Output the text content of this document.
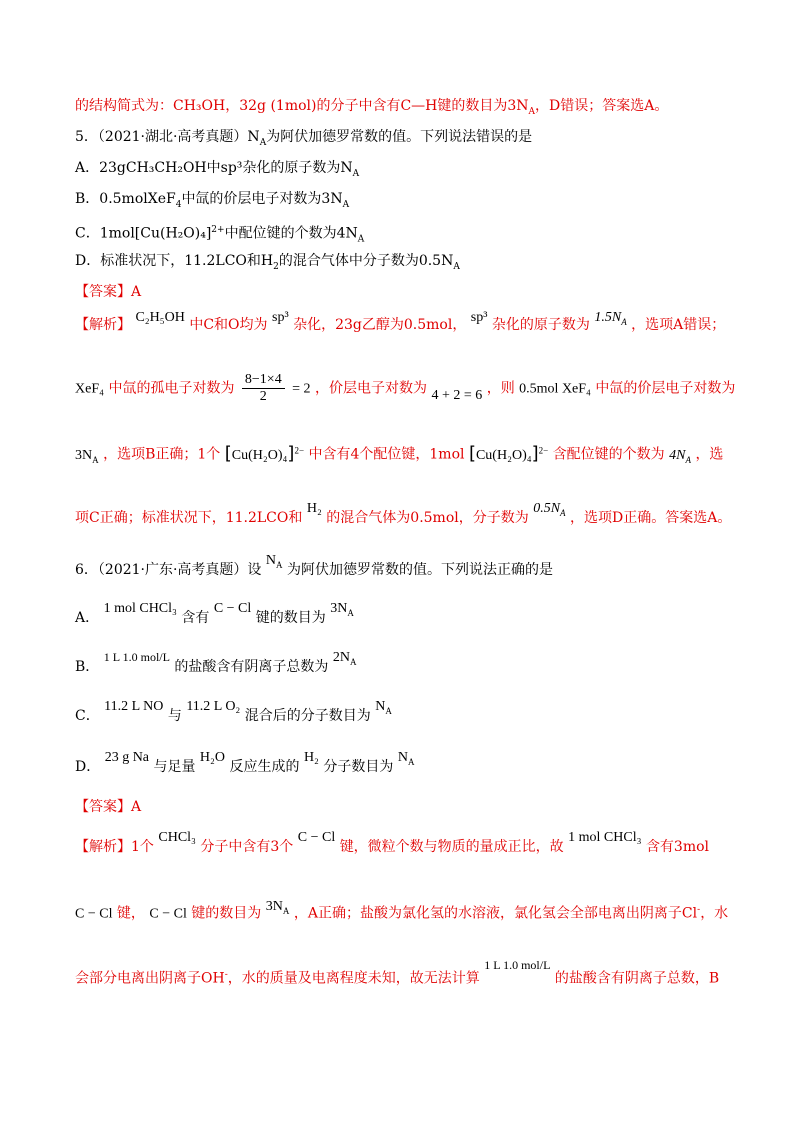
的结构简式为：CH₃OH，32g (1mol)的分子中含有C—H键的数目为$3N_A$，D错误；答案选A。
5．（2021·湖北·高考真题）$N_A$为阿伏加德罗常数的值。下列说法错误的是
A．23gCH₃CH₂OH中sp³杂化的原子数为$N_A$
B．0.5molXeF$_4$中氙的价层电子对数为$3N_A$
C．$1mol[Cu(H_2O)_4]^{2+}$中配位键的个数为$4N_A$
D．标准状况下，11.2LCO和$H_2$的混合气体中分子数为$0.5N_A$
【答案】A
【解析】 C₂H₅OH 中C和O均为 sp³ 杂化，23g乙醇为0.5mol， sp³ 杂化的原子数为 $1.5N_A$ ，选项A错误；
XeF₄ 中氙的孤电子对数为 $\frac{8-1\times 4}{2} = 2$ ，价层电子对数为 4 + 2 = 6 ，则 0.5mol XeF₄ 中氙的价层电子对数为
$3N_A$ ，选项B正确；1个 $[Cu(H_2O)_4]^{2-}$ 中含有4个配位键，1mol $[Cu(H_2O)_4]^{2-}$ 含配位键的个数为 $4N_A$ ，选
项C正确；标准状况下，11.2LCO和 H₂ 的混合气体为0.5mol，分子数为 $0.5N_A$ ，选项D正确。答案选A。
6．（2021·广东·高考真题）设 $N_A$ 为阿伏加德罗常数的值。下列说法正确的是
A． 1 mol CHCl₃ 含有 C − Cl 键的数目为 $3N_A$
B． 1 L 1.0 mol/L 的盐酸含有阴离子总数为 $2N_A$
C． 11.2 L NO 与 11.2 L O₂ 混合后的分子数目为 $N_A$
D． 23 g Na 与足量 H₂O 反应生成的 H₂ 分子数目为 $N_A$
【答案】A
【解析】1个 CHCl₃ 分子中含有3个 C − Cl 键，微粒个数与物质的量成正比，故 1 mol CHCl₃ 含有3mol
C − Cl 键， C − Cl 键的数目为 $3N_A$ ，A正确；盐酸为氯化氢的水溶液，氯化氢会全部电离出阴离子Cl-，水
会部分电离出阴离子OH-，水的质量及电离程度未知，故无法计算 1 L 1.0 mol/L 的盐酸含有阴离子总数，B
